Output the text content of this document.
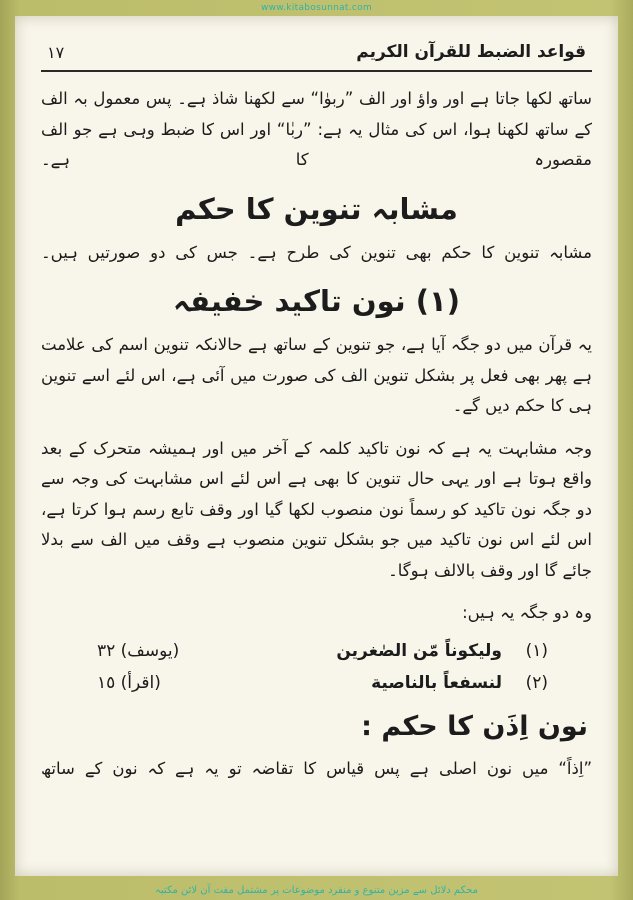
www.kitabosunnat.com
قواعد الضبط للقرآن الكريم
١٧

ساتھ لکھا جاتا ہے اور واؤ اور الف ”ربوٰا“ سے لکھنا شاذ ہے۔ پس معمول بہ الف کے ساتھ لکھنا ہوا، اس کی مثال یہ ہے: ”ربٰا“ اور اس کا ضبط وہی ہے جو الف مقصورہ کا ہے۔

مشابہ تنوین کا حکم

مشابہ تنوین کا حکم بھی تنوین کی طرح ہے۔ جس کی دو صورتیں ہیں۔

(۱) نون تاکید خفیفہ

یہ قرآن میں دو جگہ آیا ہے، جو تنوین کے ساتھ ہے حالانکہ تنوین اسم کی علامت ہے پھر بھی فعل پر بشکل تنوین الف کی صورت میں آئی ہے، اس لئے اسے تنوین ہی کا حکم دیں گے۔

وجہ مشابہت یہ ہے کہ نون تاکید کلمہ کے آخر میں اور ہمیشہ متحرک کے بعد واقع ہوتا ہے اور یہی حال تنوین کا بھی ہے اس لئے اس مشابہت کی وجہ سے دو جگہ نون تاکید کو رسماً نون منصوب لکھا گیا اور وقف تابع رسم ہوا کرتا ہے، اس لئے اس نون تاکید میں جو بشکل تنوین منصوب ہے وقف میں الف سے بدلا جائے گا اور وقف بالالف ہوگا۔

وہ دو جگہ یہ ہیں:

(۱)
وليكوناً مّن الصٰغرين
(یوسف) ٣٢
(۲)
لنسفعاً بالناصية
(اقرأ) ١٥
نون اِذَن کا حکم :

”اِذاً“ میں نون اصلی ہے پس قیاس کا تقاضہ تو یہ ہے کہ نون کے ساتھ

محکم دلائل سے مزین متنوع و منفرد موضوعات پر مشتمل مفت آن لائن مکتبہ
